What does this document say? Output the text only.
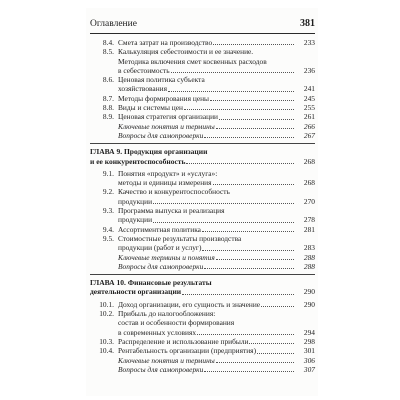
Оглавление	381
8.4. Смета затрат на производство	233
8.5. Калькуляция себестоимости и ее значение.
Методика включения смет косвенных расходов
в себестоимость	236
8.6. Ценовая политика субъекта
хозяйствования	241
8.7. Методы формирования цены	245
8.8. Виды и системы цен	255
8.9. Ценовая стратегия организации	261
Ключевые понятия и термины	266
Вопросы для самопроверки	267
ГЛАВА 9. Продукция организации
и ее конкурентоспособность	268
9.1. Понятия «продукт» и «услуга»:
методы и единицы измерения	268
9.2. Качество и конкурентоспособность
продукции	270
9.3. Программа выпуска и реализация
продукции	278
9.4. Ассортиментная политика	281
9.5. Стоимостные результаты производства
продукции (работ и услуг)	283
Ключевые термины и понятия	288
Вопросы для самопроверки	288
ГЛАВА 10. Финансовые результаты
деятельности организации	290
10.1. Доход организации, его сущность и значение	290
10.2. Прибыль до налогообложения:
состав и особенности формирования
в современных условиях	294
10.3. Распределение и использование прибыли	298
10.4. Рентабельность организации (предприятия)	301
Ключевые понятия и термины	306
Вопросы для самопроверки	307
